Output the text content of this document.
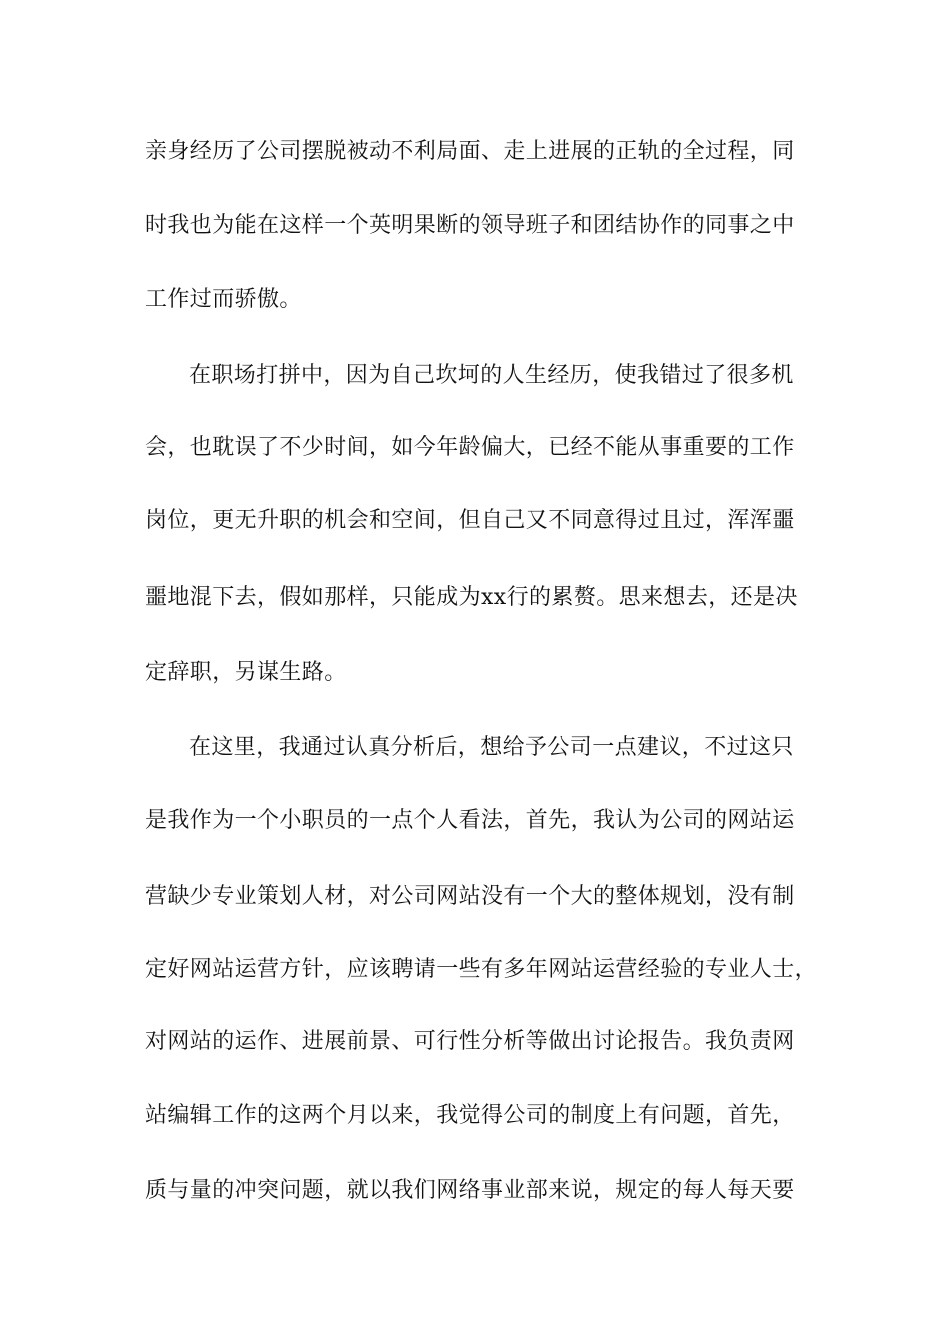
亲身经历了公司摆脱被动不利局面、走上进展的正轨的全过程，同
时我也为能在这样一个英明果断的领导班子和团结协作的同事之中
工作过而骄傲。
在职场打拼中，因为自己坎坷的人生经历，使我错过了很多机
会，也耽误了不少时间，如今年龄偏大，已经不能从事重要的工作
岗位，更无升职的机会和空间，但自己又不同意得过且过，浑浑噩
噩地混下去，假如那样，只能成为xx行的累赘。思来想去，还是决
定辞职，另谋生路。
在这里，我通过认真分析后，想给予公司一点建议，不过这只
是我作为一个小职员的一点个人看法，首先，我认为公司的网站运
营缺少专业策划人材，对公司网站没有一个大的整体规划，没有制
定好网站运营方针，应该聘请一些有多年网站运营经验的专业人士，
对网站的运作、进展前景、可行性分析等做出讨论报告。我负责网
站编辑工作的这两个月以来，我觉得公司的制度上有问题，首先，
质与量的冲突问题，就以我们网络事业部来说，规定的每人每天要
